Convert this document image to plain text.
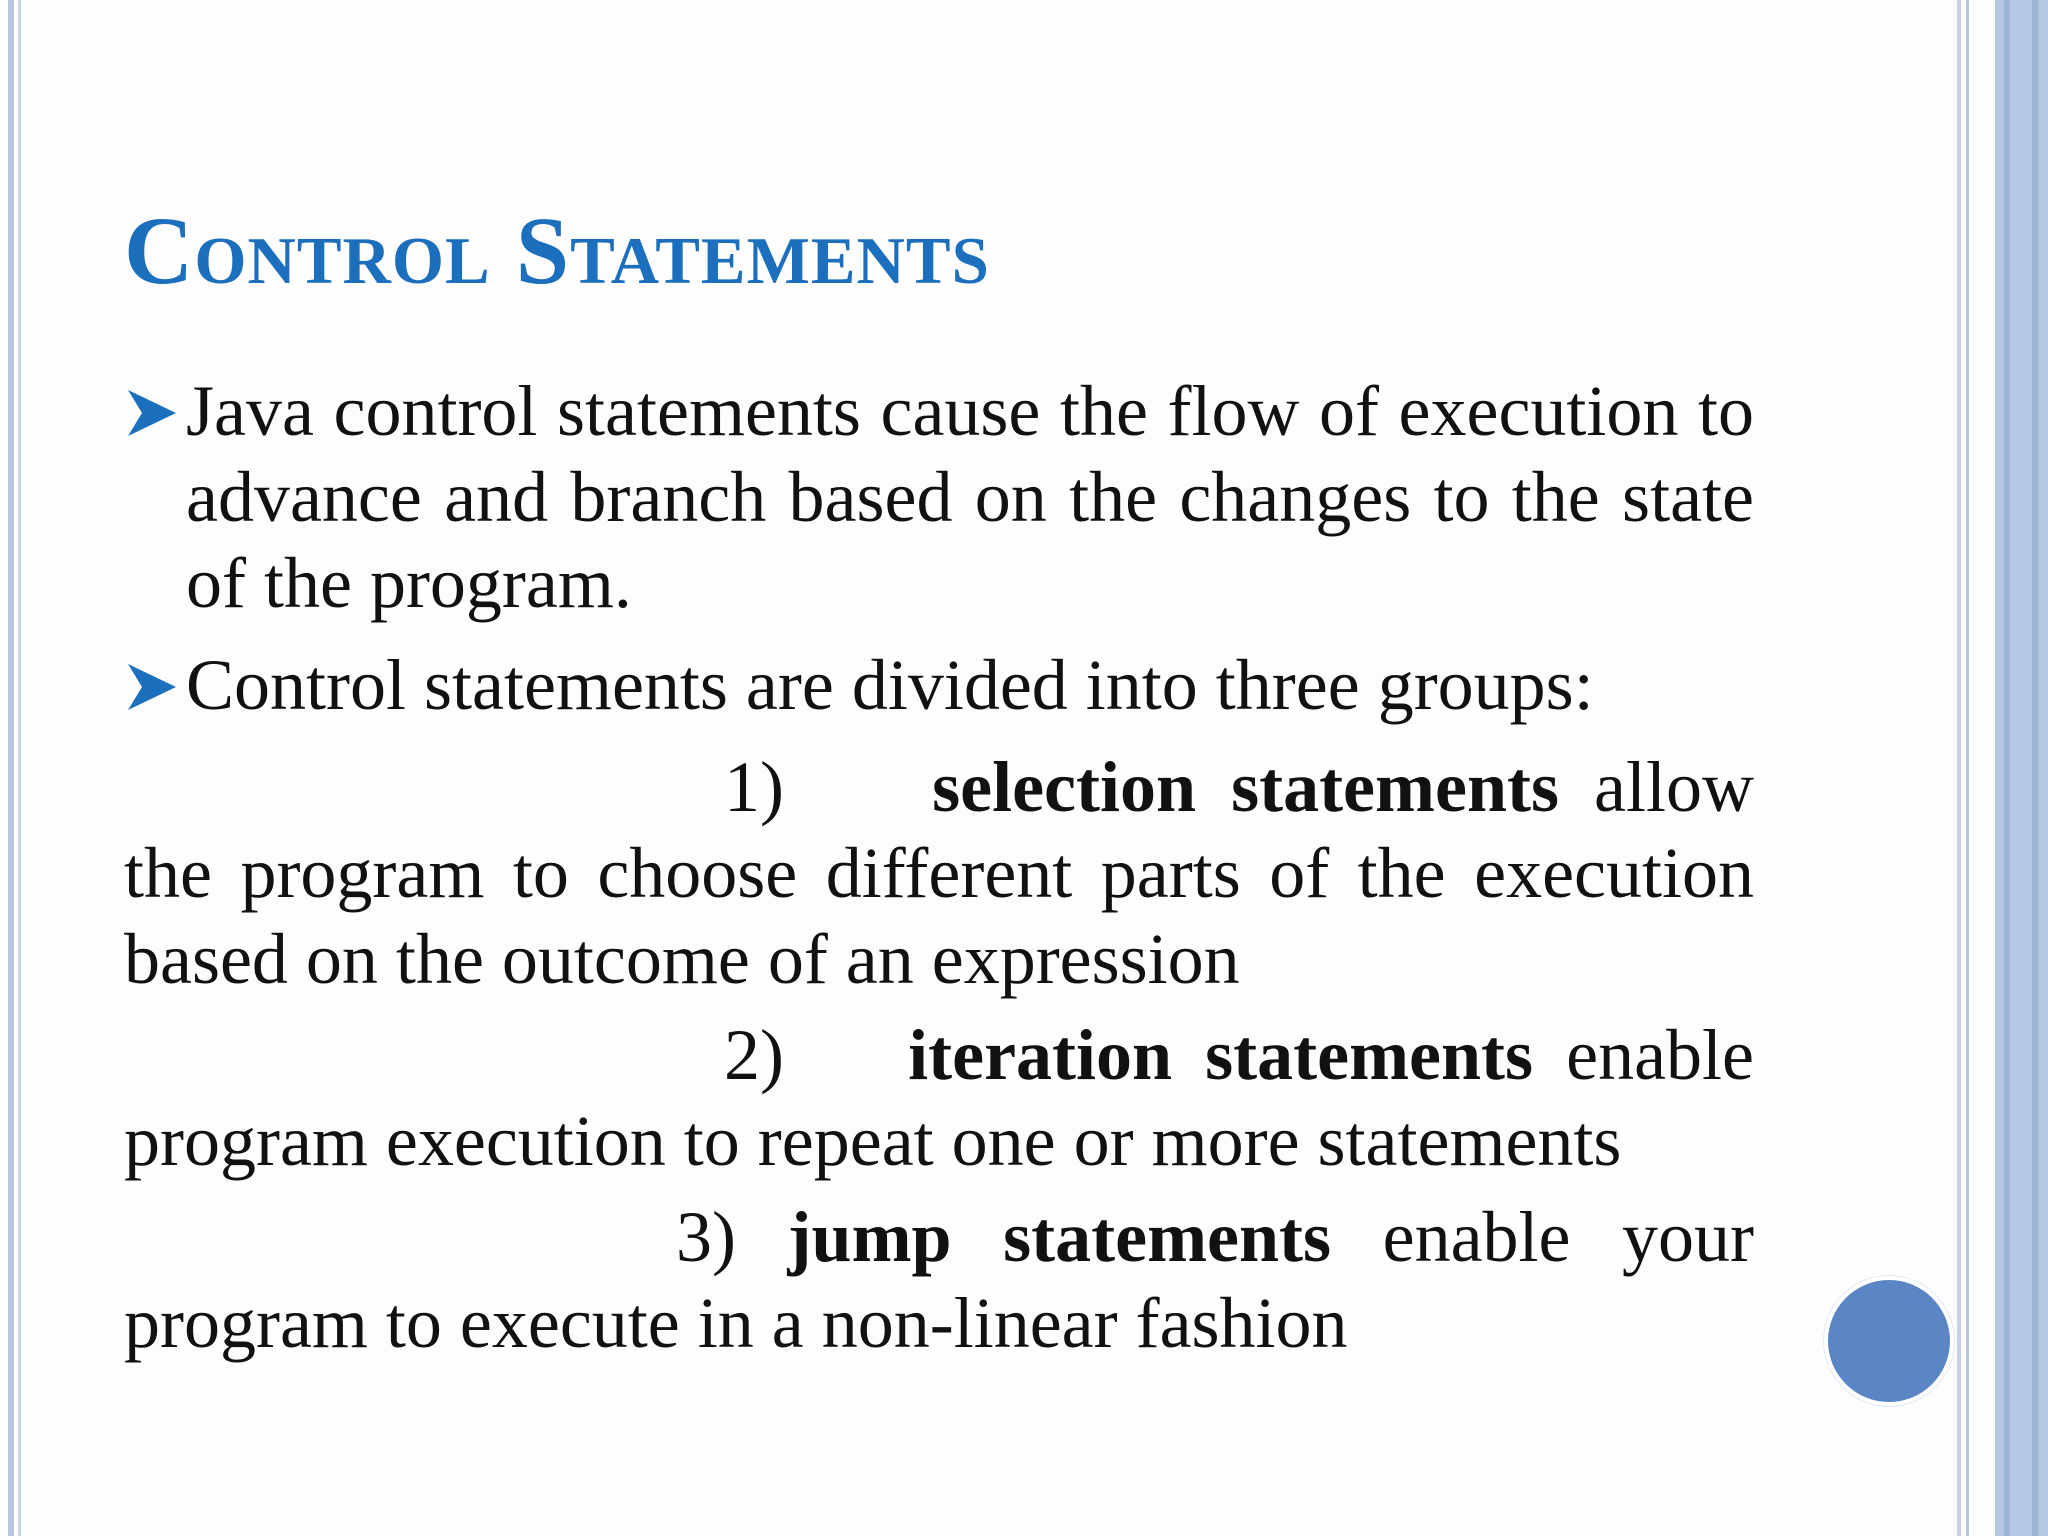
Control Statements
Java control statements cause the flow of execution to advance and branch based on the changes to the state of the program.
Control statements are divided into three groups:
1) selection statements allow the program to choose different parts of the execution based on the outcome of an expression
2) iteration statements enable program execution to repeat one or more statements
3) jump statements enable your program to execute in a non-linear fashion
